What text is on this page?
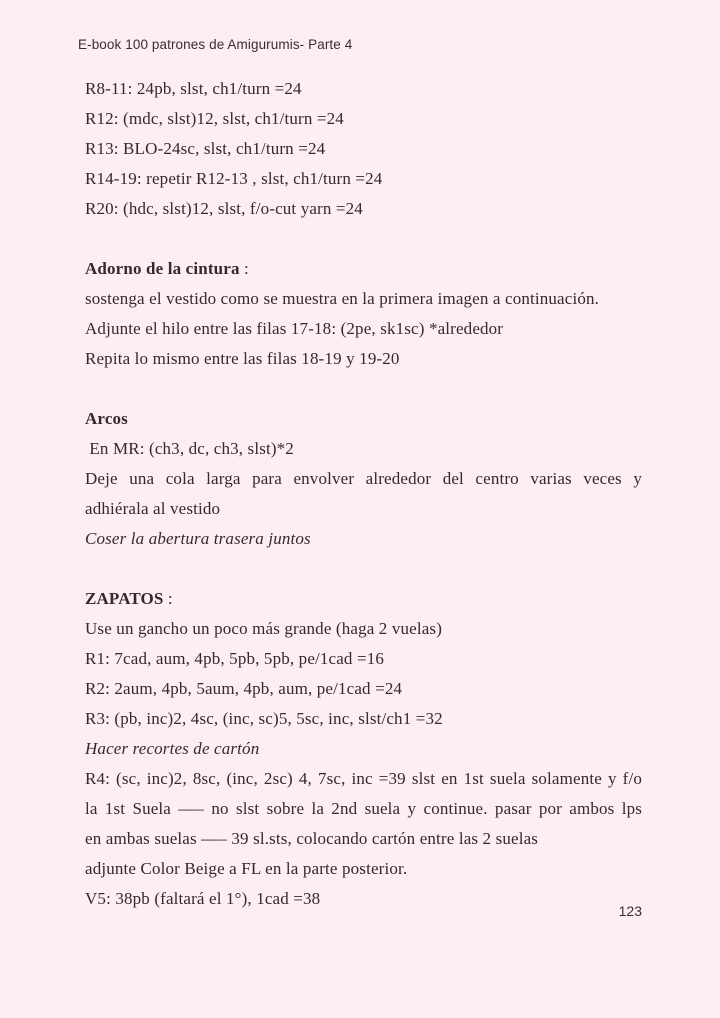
E-book 100 patrones de Amigurumis- Parte 4
R8-11: 24pb, slst, ch1/turn =24
R12: (mdc, slst)12, slst, ch1/turn =24
R13: BLO-24sc, slst, ch1/turn =24
R14-19: repetir R12-13 , slst, ch1/turn =24
R20: (hdc, slst)12, slst, f/o-cut yarn =24
Adorno de la cintura :
sostenga el vestido como se muestra en la primera imagen a continuación.
Adjunte el hilo entre las filas 17-18: (2pe, sk1sc) *alrededor
Repita lo mismo entre las filas 18-19 y 19-20
Arcos
En MR: (ch3, dc, ch3, slst)*2
Deje una cola larga para envolver alrededor del centro varias veces y
adhiérala al vestido
Coser la abertura trasera juntos
ZAPATOS :
Use un gancho un poco más grande (haga 2 vuelas)
R1: 7cad, aum, 4pb, 5pb, 5pb, pe/1cad =16
R2: 2aum, 4pb, 5aum, 4pb, aum, pe/1cad =24
R3: (pb, inc)2, 4sc, (inc, sc)5, 5sc, inc, slst/ch1 =32
Hacer recortes de cartón
R4: (sc, inc)2, 8sc, (inc, 2sc) 4, 7sc, inc =39 slst en 1st suela solamente y f/o
la 1st Suela —– no slst sobre la 2nd suela y continue. pasar por ambos lps
en ambas suelas —– 39 sl.sts, colocando cartón entre las 2 suelas
adjunte Color Beige a FL en la parte posterior.
V5: 38pb (faltará el 1°), 1cad =38
123
